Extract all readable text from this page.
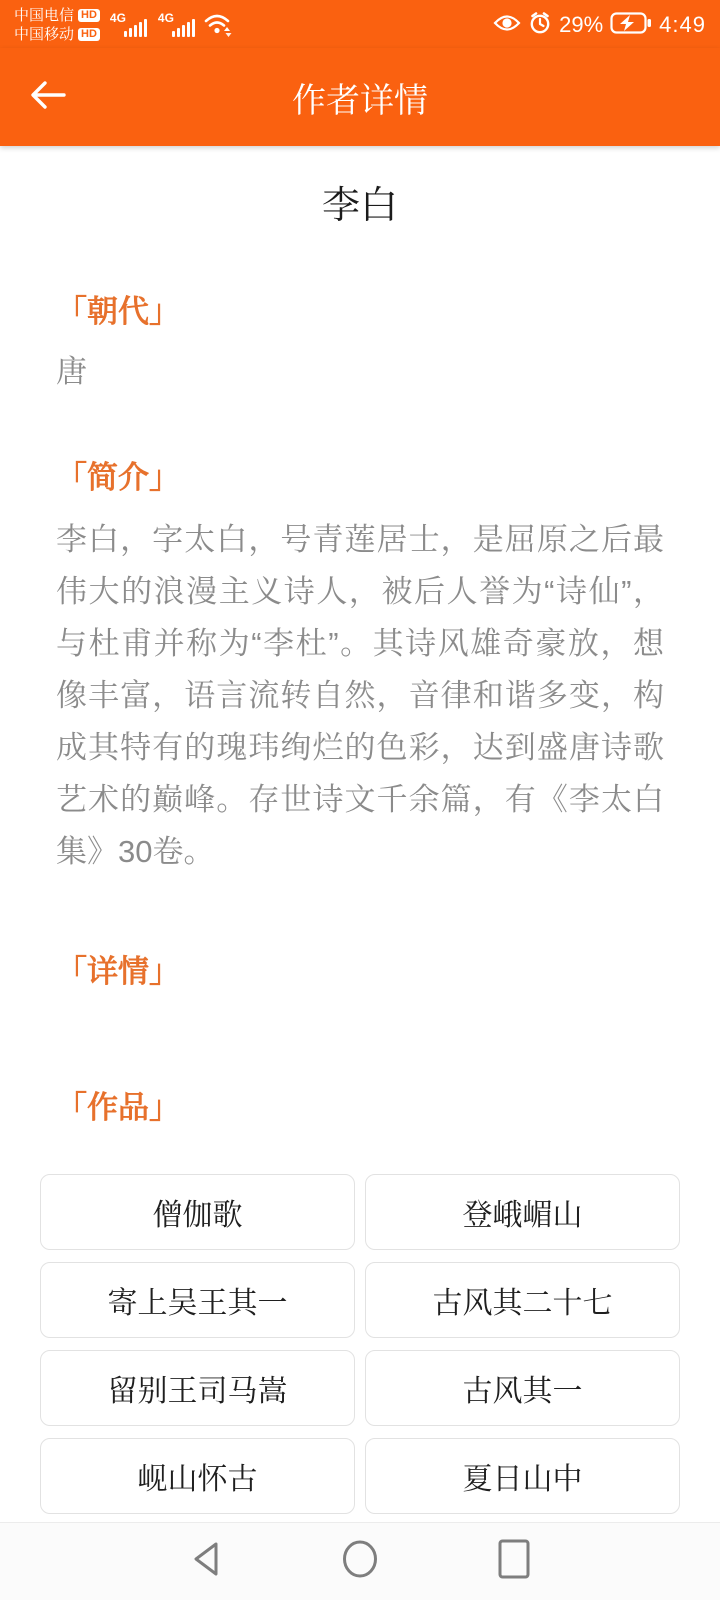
中国电信 HD
中国移动 HD
4G	4G	29%	4:49
作者详情
李白
「朝代」
唐
「简介」
李白，字太白，号青莲居士，是屈原之后最伟大的浪漫主义诗人，被后人誉为“诗仙”，与杜甫并称为“李杜”。其诗风雄奇豪放，想像丰富，语言流转自然，音律和谐多变，构成其特有的瑰玮绚烂的色彩，达到盛唐诗歌艺术的巅峰。存世诗文千余篇，有《李太白集》30卷。
「详情」
「作品」
僧伽歌	登峨嵋山
寄上吴王其一	古风其二十七
留别王司马嵩	古风其一
岘山怀古	夏日山中
